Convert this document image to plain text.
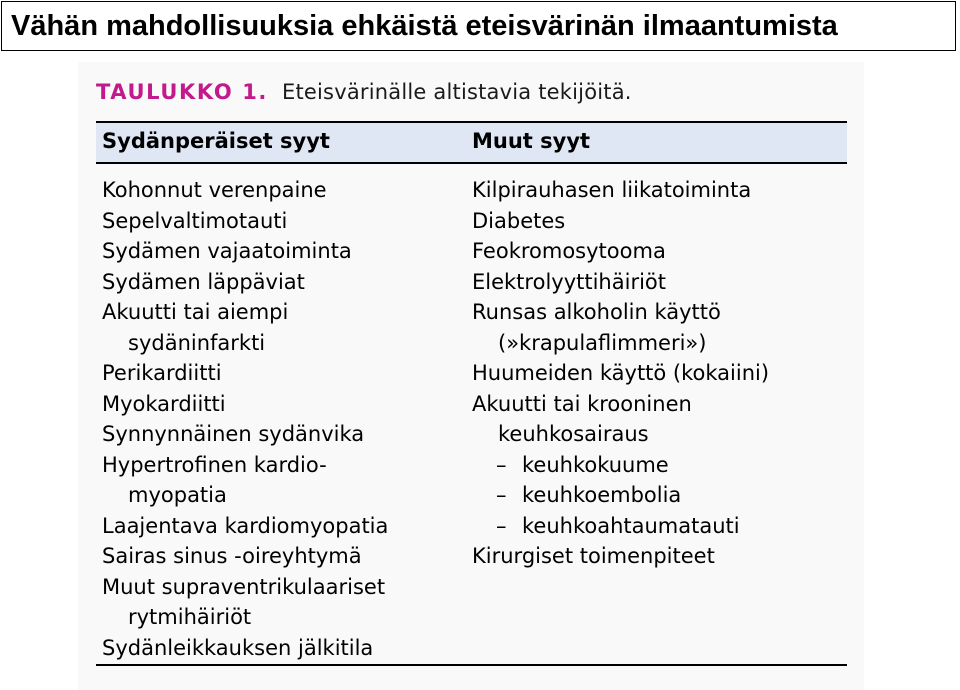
Vähän mahdollisuuksia ehkäistä eteisvärinän ilmaantumista
TAULUKKO 1. Eteisvärinälle altistavia tekijöitä.
Sydänperäiset syyt	Muut syyt
Kohonnut verenpaine
Sepelvaltimotauti
Sydämen vajaatoiminta
Sydämen läppäviat
Akuutti tai aiempi
sydäninfarkti
Perikardiitti
Myokardiitti
Synnynnäinen sydänvika
Hypertrofinen kardio-
myopatia
Laajentava kardiomyopatia
Sairas sinus -oireyhtymä
Muut supraventrikulaariset
rytmihäiriöt
Sydänleikkauksen jälkitila
Kilpirauhasen liikatoiminta
Diabetes
Feokromosytooma
Elektrolyyttihäiriöt
Runsas alkoholin käyttö
(»krapulaflimmeri»)
Huumeiden käyttö (kokaiini)
Akuutti tai krooninen
keuhkosairaus
– keuhkokuume
– keuhkoembolia
– keuhkoahtaumatauti
Kirurgiset toimenpiteet
